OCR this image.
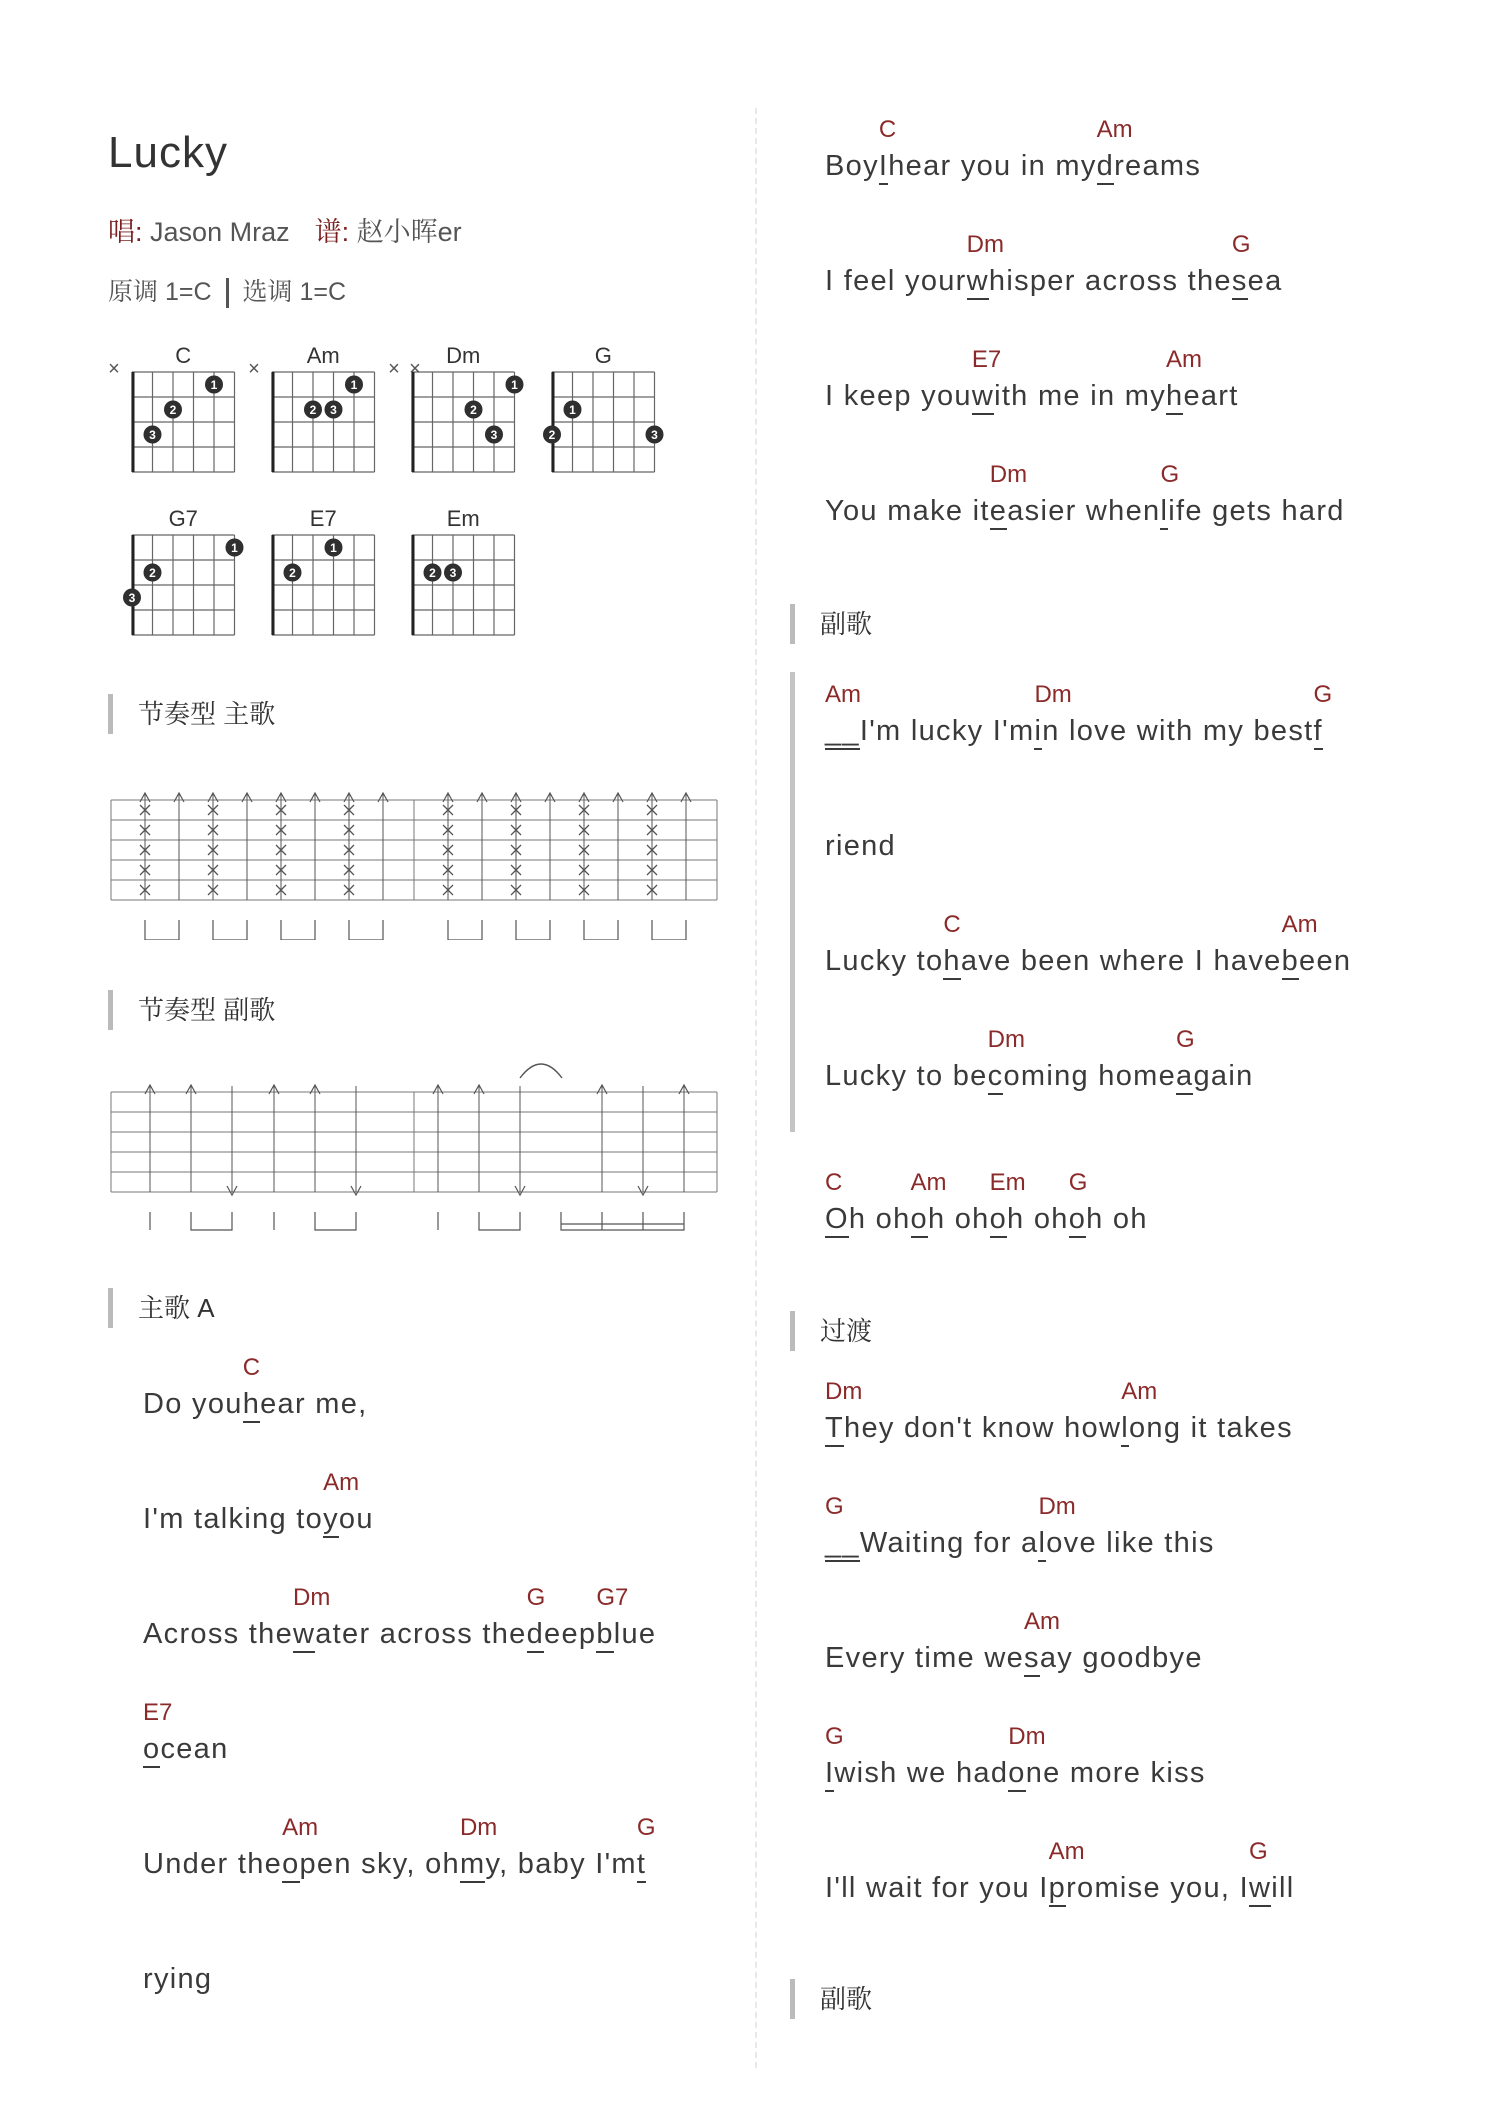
Lucky
唱: Jason Mraz 谱: 赵小晖er
原调 1=C 选调 1=C
C
×
1
2
3
Am
×
1
2 3
Dm
× ×
1
2
3
G
1
2	3
G7
1
2
3
E7
1
2
Em
2 3
节奏型 主歌
节奏型 副歌
主歌 A
Do youh
C
ear me,
I'm talking toy
Am
ou
Across thew
Dm
ater across thed
G
eepb
G7
lue
o
E7
cean
Under theo
Am
pen sky, ohm
Dm
y, baby I'mt
G
rying
BoyI
C
hear you in myd
Am
reams
I feel yourw
Dm
hisper across thes
G
ea
I keep youw
E7
ith me in myh
Am
eart
You make ite
Dm
asier whenl
G
ife gets hard
副歌
__
Am
I'm lucky I'mi
Dm
n love with my bestf
G
riend
Lucky toh
C
ave been where I haveb
Am
een
Lucky to bec
Dm
oming homea
G
gain
O
C
h oho
Am
h oho
Em
h oho
G
h oh
过渡
T
Dm
hey don't know howl
Am
ong it takes
__
G
Waiting for al
Dm
ove like this
Every time wes
Am
ay goodbye
I
G
wish we hado
Dm
ne more kiss
I'll wait for you Ip
Am
romise you, Iw
G
ill
副歌
